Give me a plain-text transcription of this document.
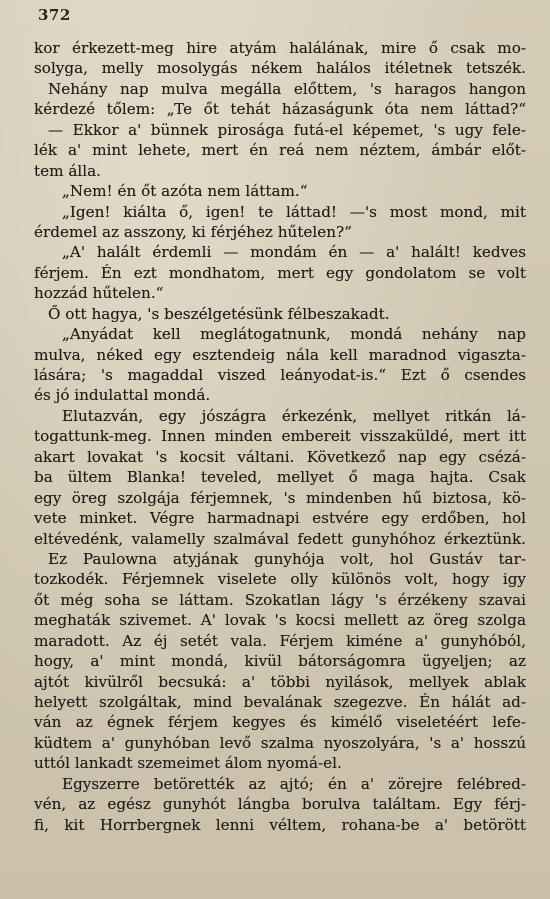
372
kor érkezett-meg hire atyám halálának, mire ő csak mo-
solyga, melly mosolygás nékem halálos itéletnek tetszék.
Nehány nap mulva megálla előttem, 's haragos hangon
kérdezé tőlem: „Te őt tehát házaságunk óta nem láttad?“
— Ekkor a' bünnek pirosága futá-el képemet, 's ugy fele-
lék a' mint lehete, mert én reá nem néztem, ámbár előt-
tem álla.
„Nem! én őt azóta nem láttam.“
„Igen! kiálta ő, igen! te láttad! —'s most mond, mit
érdemel az asszony, ki férjéhez hűtelen?“
„A' halált érdemli — mondám én — a' halált! kedves
férjem. Én ezt mondhatom, mert egy gondolatom se volt
hozzád hűtelen.“
Ő ott hagya, 's beszélgetésünk félbeszakadt.
„Anyádat kell meglátogatnunk, mondá nehány nap
mulva, néked egy esztendeig nála kell maradnod vigaszta-
lására; 's magaddal viszed leányodat-is.“ Ezt ő csendes
és jó indulattal mondá.
Elutazván, egy jószágra érkezénk, mellyet ritkán lá-
togattunk-meg. Innen minden embereit visszaküldé, mert itt
akart lovakat 's kocsit váltani. Következő nap egy csézá-
ba ültem Blanka! teveled, mellyet ő maga hajta. Csak
egy öreg szolgája férjemnek, 's mindenben hű biztosa, kö-
vete minket. Végre harmadnapi estvére egy erdőben, hol
eltévedénk, valamelly szalmával fedett gunyhóhoz érkeztünk.
Ez Paulowna atyjának gunyhója volt, hol Gustáv tar-
tozkodék. Férjemnek viselete olly különös volt, hogy igy
őt még soha se láttam. Szokatlan lágy 's érzékeny szavai
meghaták szivemet. A' lovak 's kocsi mellett az öreg szolga
maradott. Az éj setét vala. Férjem kiméne a' gunyhóból,
hogy, a' mint mondá, kivül bátorságomra ügyeljen; az
ajtót kivülről becsuká: a' többi nyilások, mellyek ablak
helyett szolgáltak, mind bevalának szegezve. Én hálát ad-
ván az égnek férjem kegyes és kimélő viseletéért lefe-
küdtem a' gunyhóban levő szalma nyoszolyára, 's a' hosszú
uttól lankadt szemeimet álom nyomá-el.
Egyszerre betörették az ajtó; én a' zörejre felébred-
vén, az egész gunyhót lángba borulva találtam. Egy férj-
fi, kit Horrbergnek lenni véltem, rohana-be a' betörött
